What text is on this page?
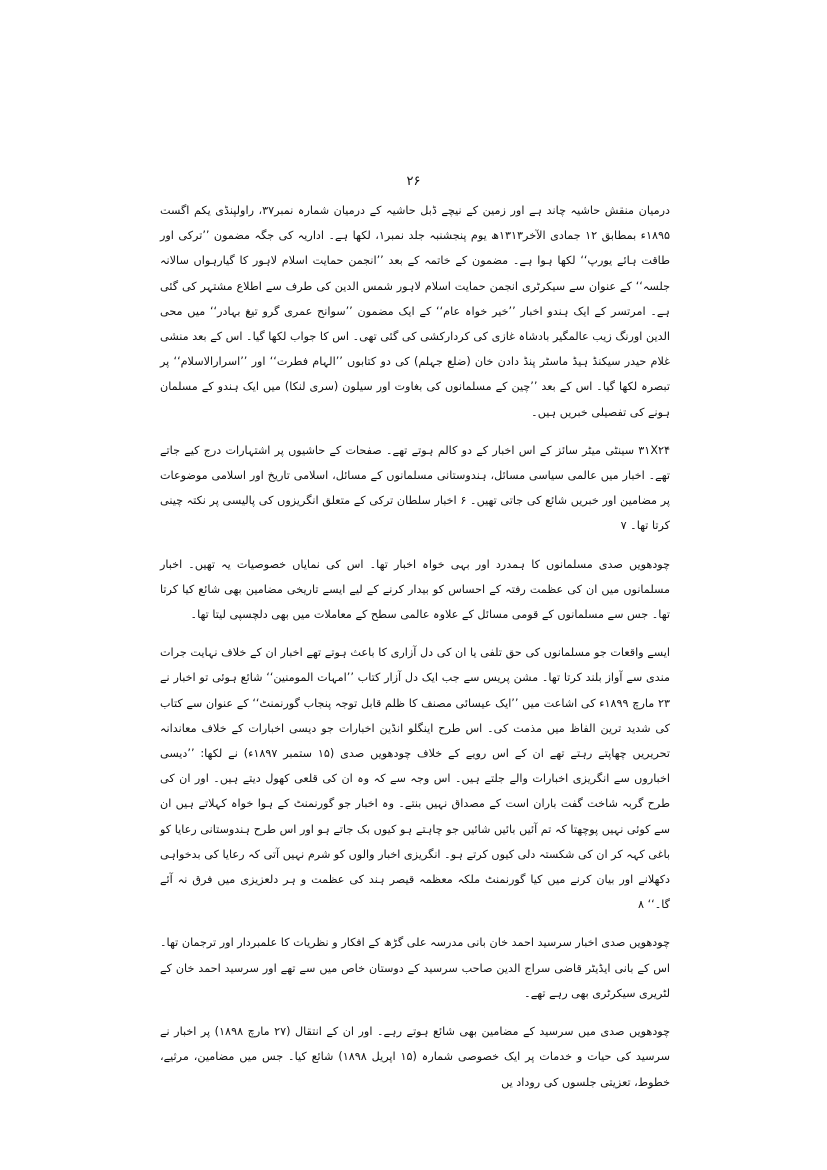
۲۶

درمیان منقش حاشیہ چاند ہے اور زمین کے نیچے ڈبل حاشیہ کے درمیان شمارہ نمبر۳۷، راولپنڈی یکم اگست ۱۸۹۵ء بمطابق ۱۲ جمادی الآخر۱۳۱۳ھ یوم پنجشنبہ جلد نمبر۱، لکھا ہے۔ اداریہ کی جگہ مضمون ’’ترکی اور طاقت ہائے یورپ‘‘ لکھا ہوا ہے۔ مضمون کے خاتمہ کے بعد ’’انجمن حمایت اسلام لاہور کا گیارہواں سالانہ جلسہ‘‘ کے عنوان سے سیکرٹری انجمن حمایت اسلام لاہور شمس الدین کی طرف سے اطلاع مشتہر کی گئی ہے۔ امرتسر کے ایک ہندو اخبار ’’خیر خواہ عام‘‘ کے ایک مضمون ’’سوانح عمری گرو تیغ بہادر‘‘ میں محی الدین اورنگ زیب عالمگیر بادشاہ غازی کی کردارکشی کی گئی تھی۔ اس کا جواب لکھا گیا۔ اس کے بعد منشی غلام حیدر سیکنڈ ہیڈ ماسٹر پنڈ دادن خان (ضلع جہلم) کی دو کتابوں ’’الہام فطرت‘‘ اور ’’اسرارالاسلام‘‘ پر تبصرہ لکھا گیا۔ اس کے بعد ’’چین کے مسلمانوں کی بغاوت اور سیلون (سری لنکا) میں ایک ہندو کے مسلمان ہونے کی تفصیلی خبریں ہیں۔

۳۱X۲۴ سینٹی میٹر سائز کے اس اخبار کے دو کالم ہوتے تھے۔ صفحات کے حاشیوں پر اشتہارات درج کیے جاتے تھے۔ اخبار میں عالمی سیاسی مسائل، ہندوستانی مسلمانوں کے مسائل، اسلامی تاریخ اور اسلامی موضوعات پر مضامین اور خبریں شائع کی جاتی تھیں۔ ۶ اخبار سلطان ترکی کے متعلق انگریزوں کی پالیسی پر نکتہ چینی کرتا تھا۔ ۷

چودھویں صدی مسلمانوں کا ہمدرد اور بہی خواہ اخبار تھا۔ اس کی نمایاں خصوصیات یہ تھیں۔ اخبار مسلمانوں میں ان کی عظمت رفتہ کے احساس کو بیدار کرنے کے لیے ایسے تاریخی مضامین بھی شائع کیا کرتا تھا۔ جس سے مسلمانوں کے قومی مسائل کے علاوہ عالمی سطح کے معاملات میں بھی دلچسپی لیتا تھا۔

ایسے واقعات جو مسلمانوں کی حق تلفی یا ان کی دل آزاری کا باعث ہوتے تھے اخبار ان کے خلاف نہایت جرات مندی سے آواز بلند کرتا تھا۔ مشن پریس سے جب ایک دل آزار کتاب ’’امہات المومنین‘‘ شائع ہوئی تو اخبار نے ۲۳ مارچ ۱۸۹۹ء کی اشاعت میں ’’ایک عیسائی مصنف کا ظلم قابل توجہ پنجاب گورنمنٹ‘‘ کے عنوان سے کتاب کی شدید ترین الفاظ میں مذمت کی۔ اس طرح اینگلو انڈین اخبارات جو دیسی اخبارات کے خلاف معاندانہ تحریریں چھاپتے رہتے تھے ان کے اس رویے کے خلاف چودھویں صدی (۱۵ ستمبر ۱۸۹۷ء) نے لکھا: ’’دیسی اخباروں سے انگریزی اخبارات والے جلتے ہیں۔ اس وجہ سے کہ وہ ان کی قلعی کھول دیتے ہیں۔ اور ان کی طرح گربہ شاخت گفت باران است کے مصداق نہیں بنتے۔ وہ اخبار جو گورنمنٹ کے ہوا خواہ کہلاتے ہیں ان سے کوئی نہیں پوچھتا کہ تم آئیں بائیں شائیں جو چاہتے ہو کیوں بک جاتے ہو اور اس طرح ہندوستانی رعایا کو باغی کہہ کر ان کی شکستہ دلی کیوں کرتے ہو۔ انگریزی اخبار والوں کو شرم نہیں آتی کہ رعایا کی بدخواہی دکھلانے اور بیان کرنے میں کیا گورنمنٹ ملکہ معظمہ قیصر ہند کی عظمت و ہر دلعزیزی میں فرق نہ آئے گا۔‘‘ ۸

چودھویں صدی اخبار سرسید احمد خان بانی مدرسہ علی گڑھ کے افکار و نظریات کا علمبردار اور ترجمان تھا۔ اس کے بانی ایڈیٹر قاضی سراج الدین صاحب سرسید کے دوستان خاص میں سے تھے اور سرسید احمد خان کے لٹریری سیکرٹری بھی رہے تھے۔

چودھویں صدی میں سرسید کے مضامین بھی شائع ہوتے رہے۔ اور ان کے انتقال (۲۷ مارچ ۱۸۹۸) پر اخبار نے سرسید کی حیات و خدمات پر ایک خصوصی شمارہ (۱۵ اپریل ۱۸۹۸) شائع کیا۔ جس میں مضامین، مرثیے، خطوط، تعزیتی جلسوں کی روداد یں
